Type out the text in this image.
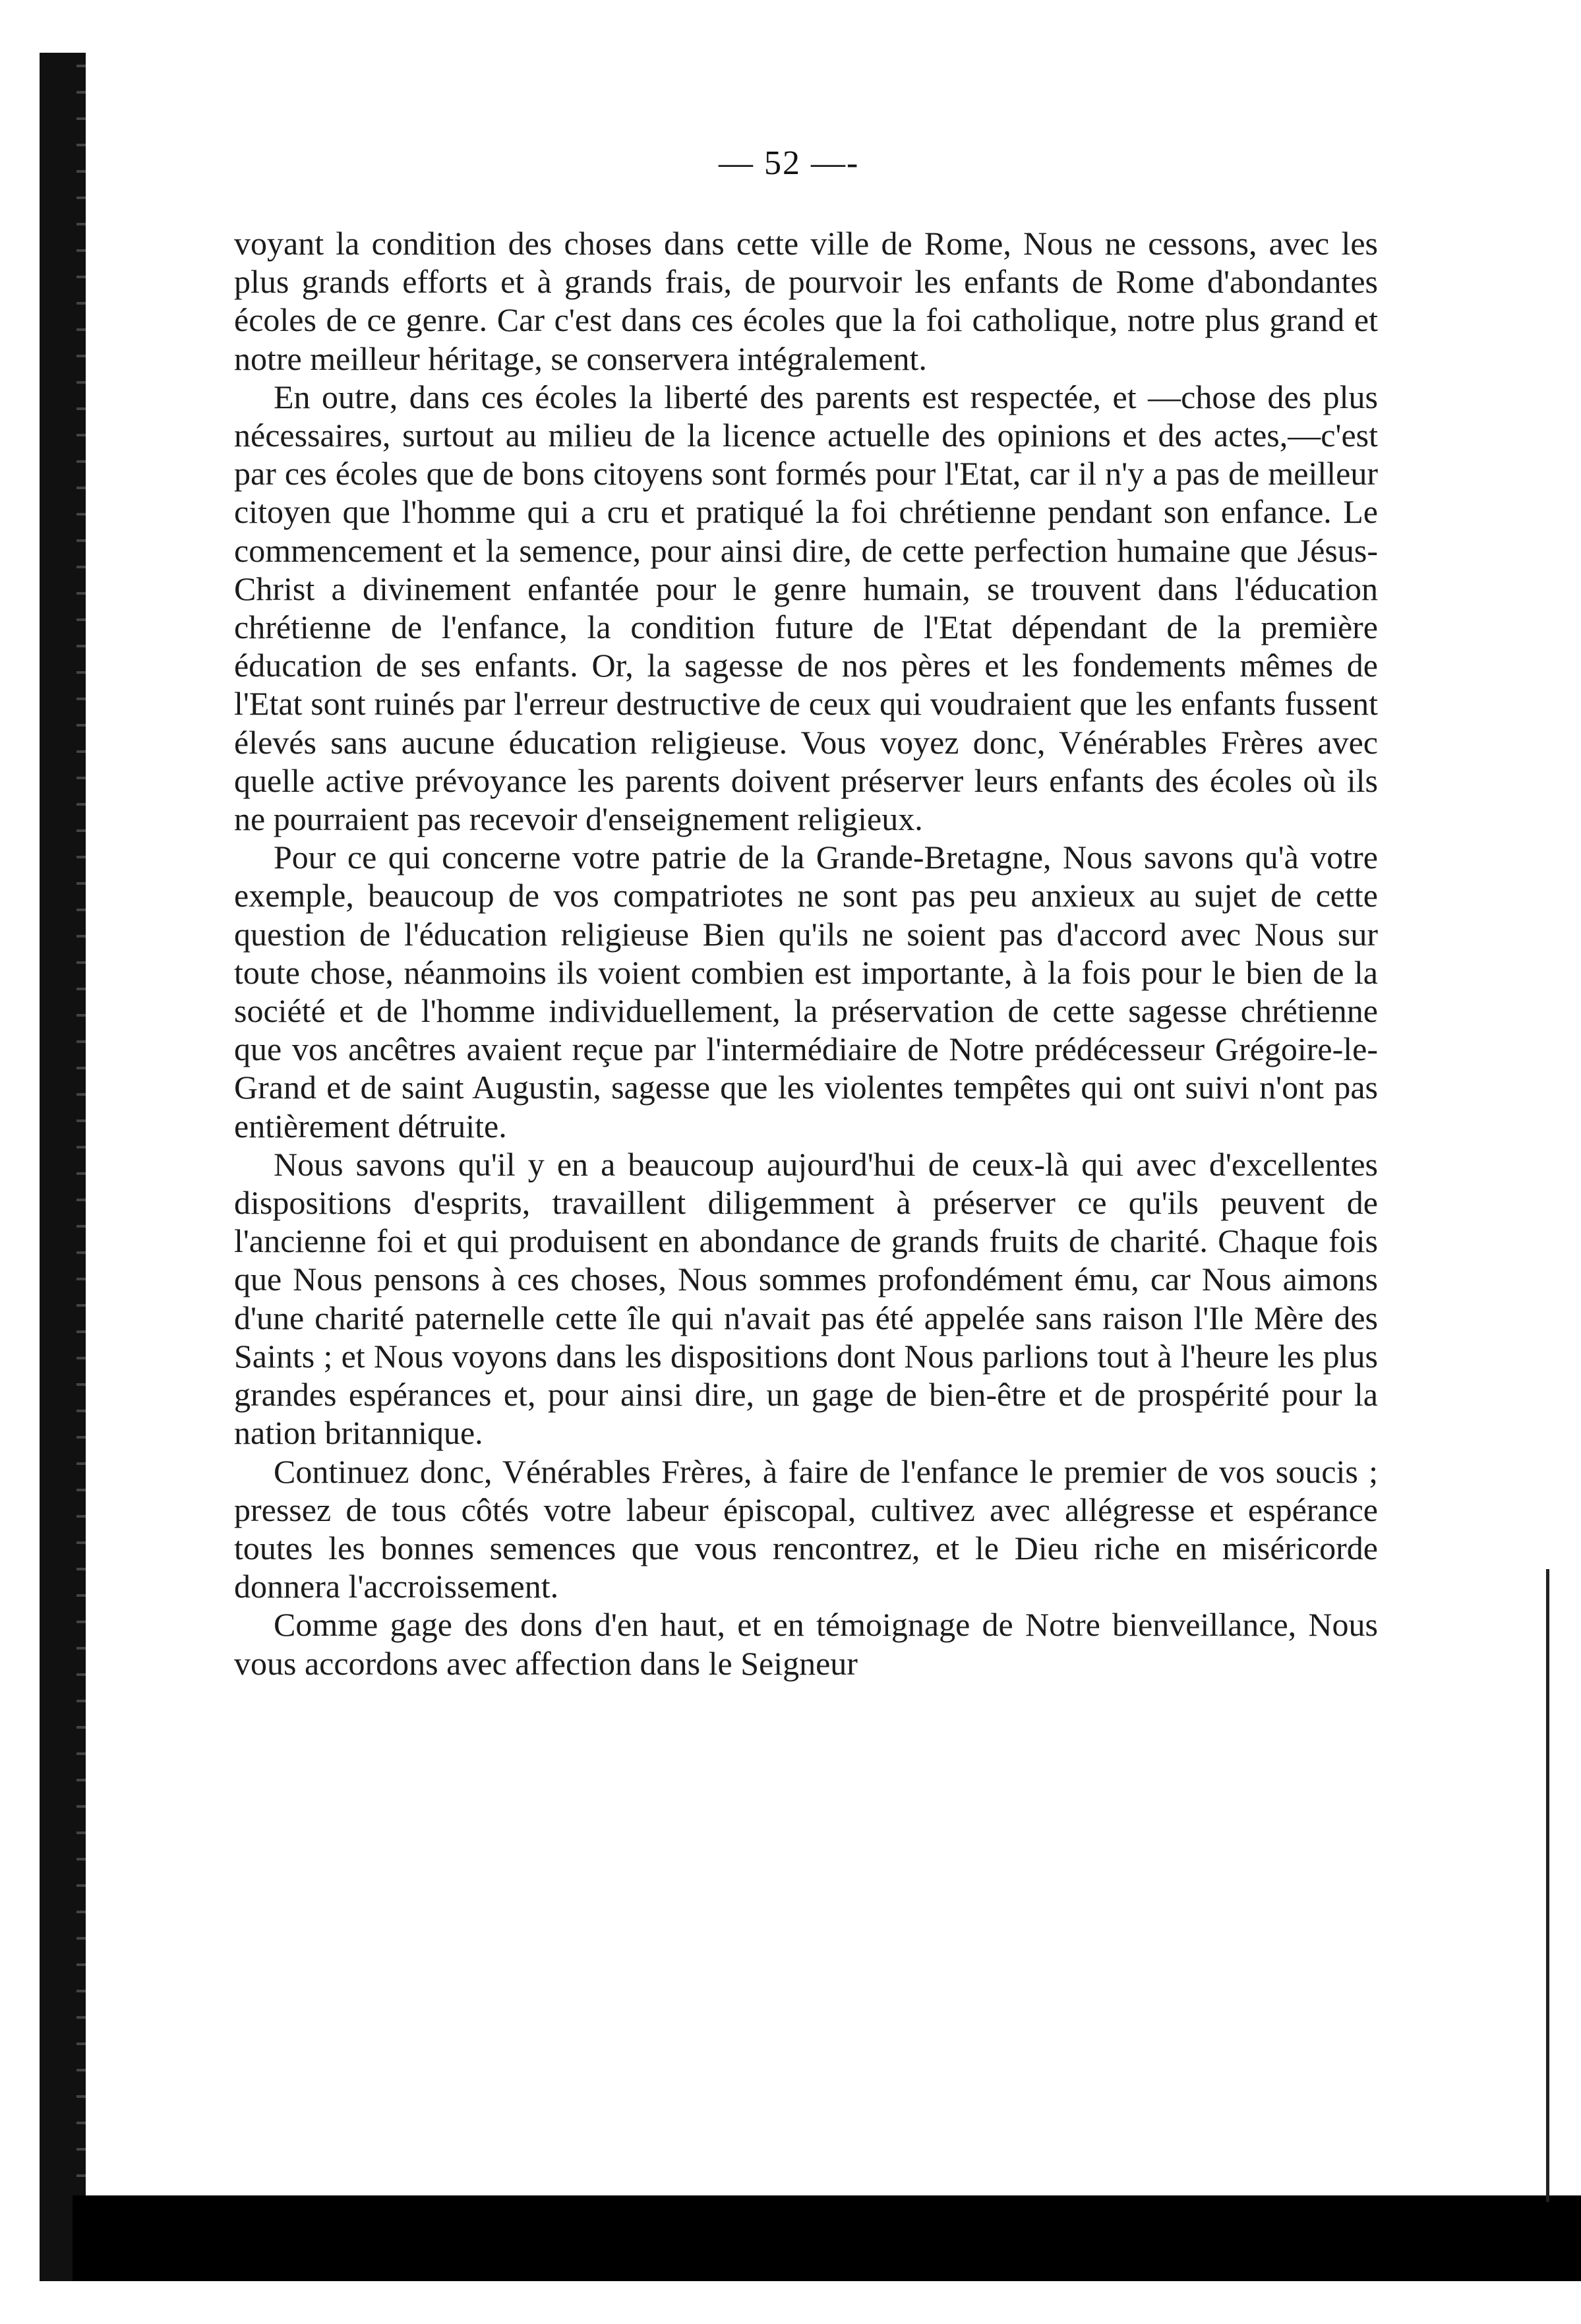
— 52 —-

voyant la condition des choses dans cette ville de Rome, Nous ne cessons, avec les plus grands efforts et à grands frais, de pourvoir les enfants de Rome d'abondantes écoles de ce genre. Car c'est dans ces écoles que la foi catholique, notre plus grand et notre meilleur héritage, se conservera intégralement.

En outre, dans ces écoles la liberté des parents est respectée, et —chose des plus nécessaires, surtout au milieu de la licence actuelle des opinions et des actes,—c'est par ces écoles que de bons citoyens sont formés pour l'Etat, car il n'y a pas de meilleur citoyen que l'homme qui a cru et pratiqué la foi chrétienne pendant son enfance. Le commencement et la semence, pour ainsi dire, de cette perfection humaine que Jésus-Christ a divinement enfantée pour le genre humain, se trouvent dans l'éducation chrétienne de l'enfance, la condition future de l'Etat dépendant de la première éducation de ses enfants. Or, la sagesse de nos pères et les fondements mêmes de l'Etat sont ruinés par l'erreur destructive de ceux qui voudraient que les enfants fussent élevés sans aucune éducation religieuse. Vous voyez donc, Vénérables Frères avec quelle active prévoyance les parents doivent préserver leurs enfants des écoles où ils ne pourraient pas recevoir d'enseignement religieux.

Pour ce qui concerne votre patrie de la Grande-Bretagne, Nous savons qu'à votre exemple, beaucoup de vos compatriotes ne sont pas peu anxieux au sujet de cette question de l'éducation religieuse Bien qu'ils ne soient pas d'accord avec Nous sur toute chose, néanmoins ils voient combien est importante, à la fois pour le bien de la société et de l'homme individuellement, la préservation de cette sagesse chrétienne que vos ancêtres avaient reçue par l'intermédiaire de Notre prédécesseur Grégoire-le-Grand et de saint Augustin, sagesse que les violentes tempêtes qui ont suivi n'ont pas entièrement détruite.

Nous savons qu'il y en a beaucoup aujourd'hui de ceux-là qui avec d'excellentes dispositions d'esprits, travaillent diligemment à préserver ce qu'ils peuvent de l'ancienne foi et qui produisent en abondance de grands fruits de charité. Chaque fois que Nous pensons à ces choses, Nous sommes profondément ému, car Nous aimons d'une charité paternelle cette île qui n'avait pas été appelée sans raison l'Ile Mère des Saints ; et Nous voyons dans les dispositions dont Nous parlions tout à l'heure les plus grandes espérances et, pour ainsi dire, un gage de bien-être et de prospérité pour la nation britannique.

Continuez donc, Vénérables Frères, à faire de l'enfance le premier de vos soucis ; pressez de tous côtés votre labeur épiscopal, cultivez avec allégresse et espérance toutes les bonnes semences que vous rencontrez, et le Dieu riche en miséricorde donnera l'accroissement.

Comme gage des dons d'en haut, et en témoignage de Notre bienveillance, Nous vous accordons avec affection dans le Seigneur
